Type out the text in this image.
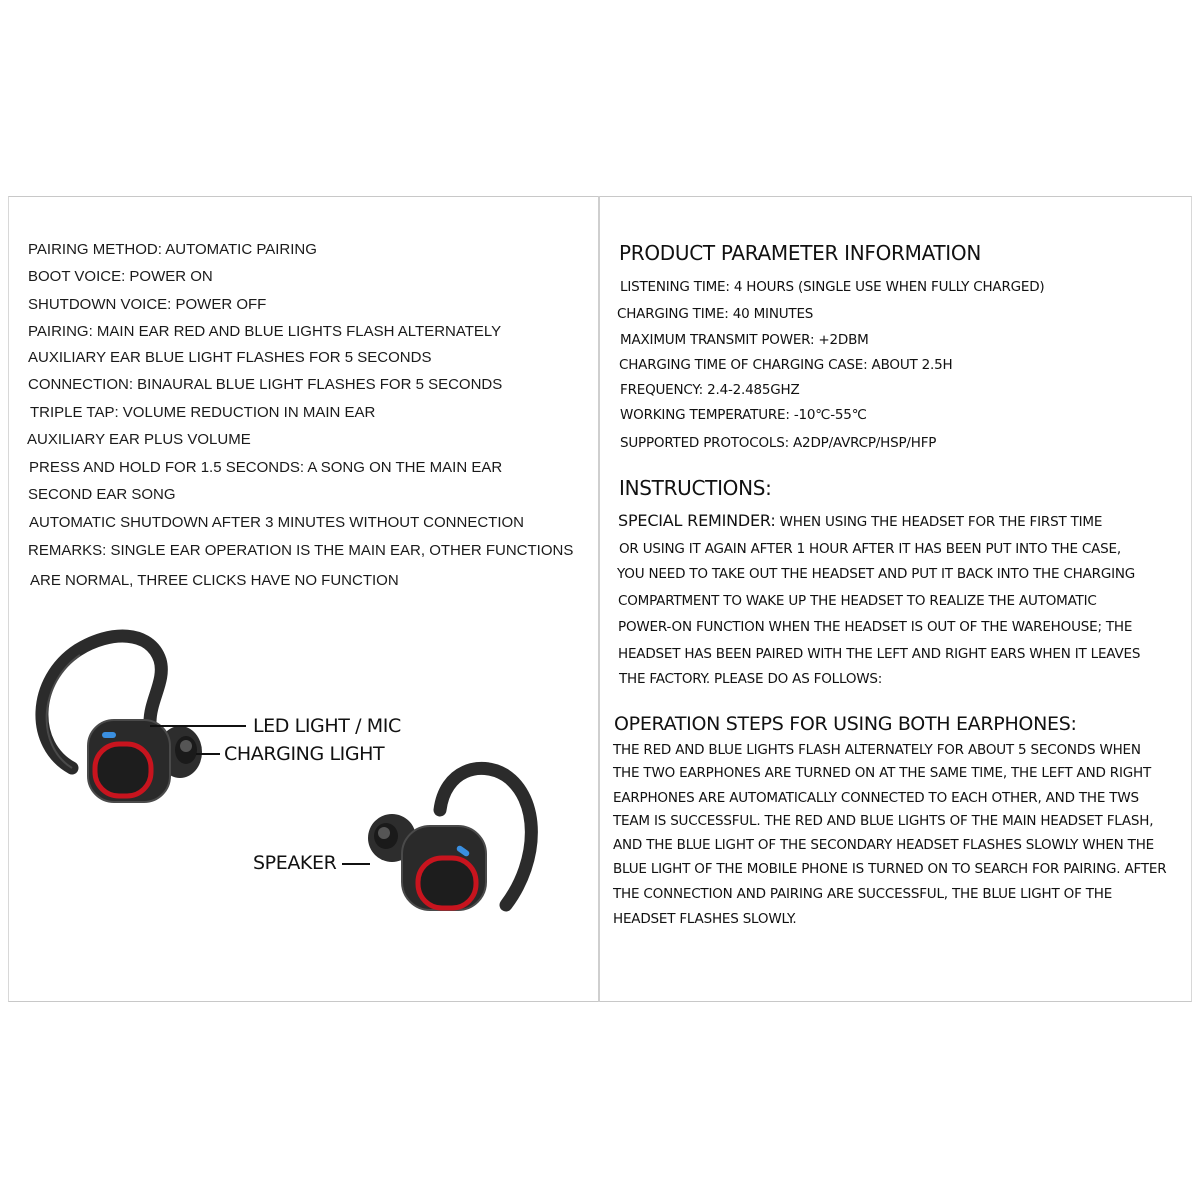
PAIRING METHOD: AUTOMATIC PAIRING
BOOT VOICE: POWER ON
SHUTDOWN VOICE: POWER OFF
PAIRING: MAIN EAR RED AND BLUE LIGHTS FLASH ALTERNATELY
AUXILIARY EAR BLUE LIGHT FLASHES FOR 5 SECONDS
CONNECTION: BINAURAL BLUE LIGHT FLASHES FOR 5 SECONDS
TRIPLE TAP: VOLUME REDUCTION IN MAIN EAR
AUXILIARY EAR PLUS VOLUME
PRESS AND HOLD FOR 1.5 SECONDS: A SONG ON THE MAIN EAR
SECOND EAR SONG
AUTOMATIC SHUTDOWN AFTER 3 MINUTES WITHOUT CONNECTION
REMARKS: SINGLE EAR OPERATION IS THE MAIN EAR, OTHER FUNCTIONS
ARE NORMAL, THREE CLICKS HAVE NO FUNCTION
LED LIGHT / MIC
CHARGING LIGHT
SPEAKER
PRODUCT PARAMETER INFORMATION
LISTENING TIME: 4 HOURS (SINGLE USE WHEN FULLY CHARGED)
CHARGING TIME: 40 MINUTES
MAXIMUM TRANSMIT POWER: +2DBM
CHARGING TIME OF CHARGING CASE: ABOUT 2.5H
FREQUENCY: 2.4-2.485GHZ
WORKING TEMPERATURE: -10℃-55℃
SUPPORTED PROTOCOLS: A2DP/AVRCP/HSP/HFP
INSTRUCTIONS:
SPECIAL REMINDER: WHEN USING THE HEADSET FOR THE FIRST TIME
OR USING IT AGAIN AFTER 1 HOUR AFTER IT HAS BEEN PUT INTO THE CASE,
YOU NEED TO TAKE OUT THE HEADSET AND PUT IT BACK INTO THE CHARGING
COMPARTMENT TO WAKE UP THE HEADSET TO REALIZE THE AUTOMATIC
POWER-ON FUNCTION WHEN THE HEADSET IS OUT OF THE WAREHOUSE; THE
HEADSET HAS BEEN PAIRED WITH THE LEFT AND RIGHT EARS WHEN IT LEAVES
THE FACTORY. PLEASE DO AS FOLLOWS:
OPERATION STEPS FOR USING BOTH EARPHONES:
THE RED AND BLUE LIGHTS FLASH ALTERNATELY FOR ABOUT 5 SECONDS WHEN
THE TWO EARPHONES ARE TURNED ON AT THE SAME TIME, THE LEFT AND RIGHT
EARPHONES ARE AUTOMATICALLY CONNECTED TO EACH OTHER, AND THE TWS
TEAM IS SUCCESSFUL. THE RED AND BLUE LIGHTS OF THE MAIN HEADSET FLASH,
AND THE BLUE LIGHT OF THE SECONDARY HEADSET FLASHES SLOWLY WHEN THE
BLUE LIGHT OF THE MOBILE PHONE IS TURNED ON TO SEARCH FOR PAIRING. AFTER
THE CONNECTION AND PAIRING ARE SUCCESSFUL, THE BLUE LIGHT OF THE
HEADSET FLASHES SLOWLY.
